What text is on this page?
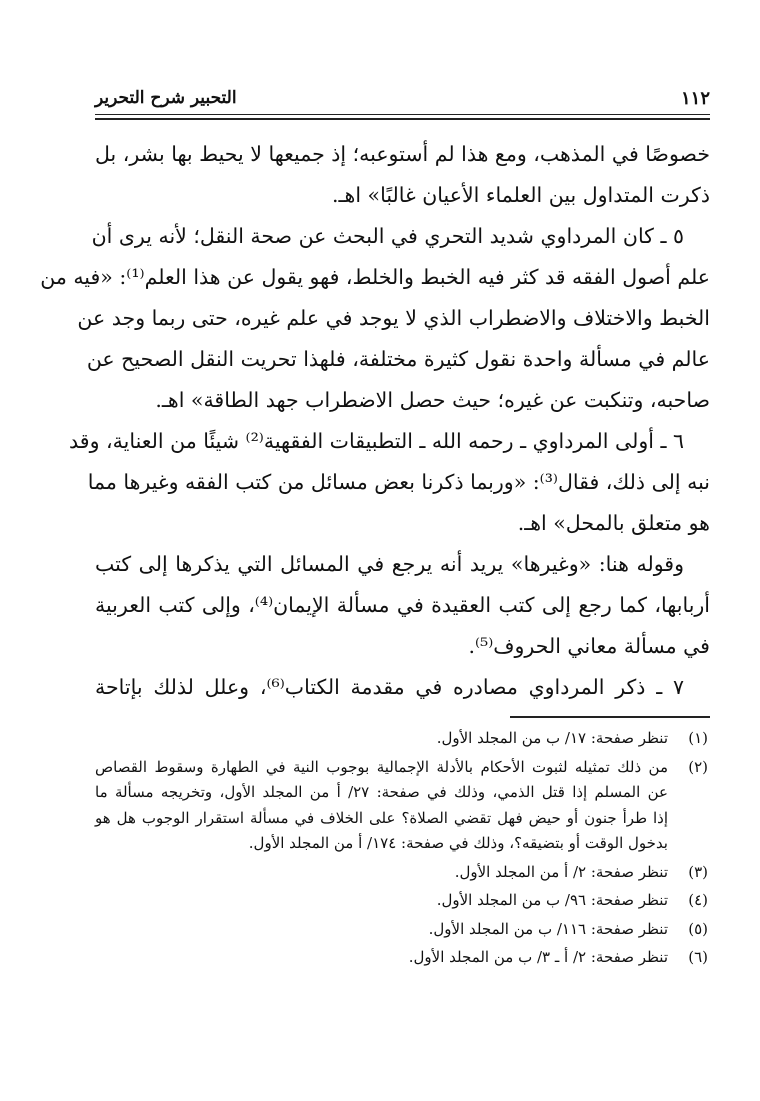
١١٢
التحبير شرح التحرير
خصوصًا في المذهب، ومع هذا لم أستوعبه؛ إذ جميعها لا يحيط بها بشر، بل
ذكرت المتداول بين العلماء الأعيان غالبًا» اهـ.
٥ ـ كان المرداوي شديد التحري في البحث عن صحة النقل؛ لأنه يرى أن
علم أصول الفقه قد كثر فيه الخبط والخلط، فهو يقول عن هذا العلم⁽¹⁾: «فيه من
الخبط والاختلاف والاضطراب الذي لا يوجد في علم غيره، حتى ربما وجد عن
عالم في مسألة واحدة نقول كثيرة مختلفة، فلهذا تحريت النقل الصحيح عن
صاحبه، وتنكبت عن غيره؛ حيث حصل الاضطراب جهد الطاقة» اهـ.
٦ ـ أولى المرداوي ـ رحمه الله ـ التطبيقات الفقهية⁽²⁾ شيئًا من العناية، وقد
نبه إلى ذلك، فقال⁽³⁾: «وربما ذكرنا بعض مسائل من كتب الفقه وغيرها مما
هو متعلق بالمحل» اهـ.
وقوله هنا: «وغيرها» يريد أنه يرجع في المسائل التي يذكرها إلى كتب
أربابها، كما رجع إلى كتب العقيدة في مسألة الإيمان⁽⁴⁾، وإلى كتب العربية
في مسألة معاني الحروف⁽⁵⁾.
٧ ـ ذكر المرداوي مصادره في مقدمة الكتاب⁽⁶⁾، وعلل لذلك بإتاحة
(١)
تنظر صفحة: ١٧/ ب من المجلد الأول.
(٢)
من ذلك تمثيله لثبوت الأحكام بالأدلة الإجمالية بوجوب النية في الطهارة وسقوط القصاص
عن المسلم إذا قتل الذمي، وذلك في صفحة: ٢٧/ أ من المجلد الأول، وتخريجه مسألة ما
إذا طرأ جنون أو حيض فهل تقضي الصلاة؟ على الخلاف في مسألة استقرار الوجوب هل هو
بدخول الوقت أو بتضيقه؟، وذلك في صفحة: ١٧٤/ أ من المجلد الأول.
(٣)
تنظر صفحة: ٢/ أ من المجلد الأول.
(٤)
تنظر صفحة: ٩٦/ ب من المجلد الأول.
(٥)
تنظر صفحة: ١١٦/ ب من المجلد الأول.
(٦)
تنظر صفحة: ٢/ أ ـ ٣/ ب من المجلد الأول.
